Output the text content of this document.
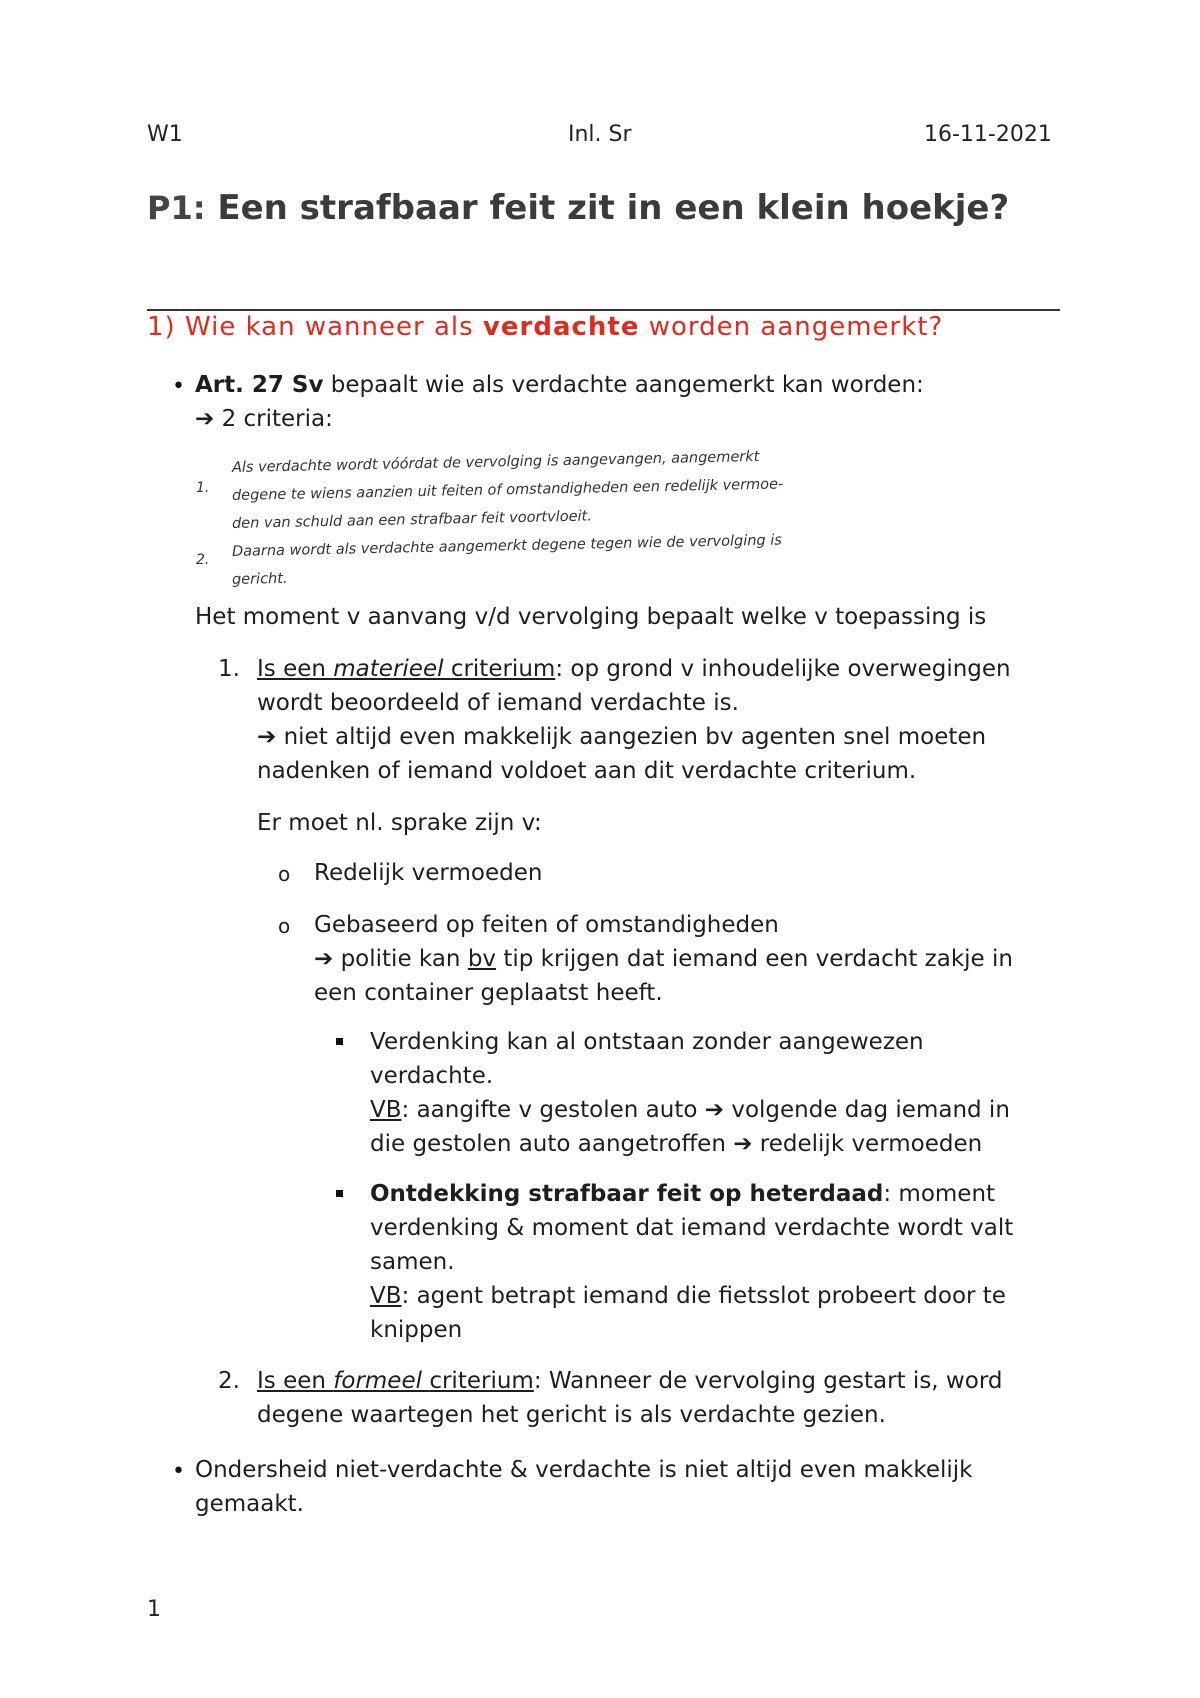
W1	Inl. Sr	16-11-2021
P1: Een strafbaar feit zit in een klein hoekje?
1) Wie kan wanneer als verdachte worden aangemerkt?
• Art. 27 Sv bepaalt wie als verdachte aangemerkt kan worden:
➔ 2 criteria:
1.
Als verdachte wordt vóórdat de vervolging is aangevangen, aangemerkt
degene te wiens aanzien uit feiten of omstandigheden een redelijk vermoe-
den van schuld aan een strafbaar feit voortvloeit.
2.
Daarna wordt als verdachte aangemerkt degene tegen wie de vervolging is
gericht.
Het moment v aanvang v/d vervolging bepaalt welke v toepassing is
1. Is een materieel criterium: op grond v inhoudelijke overwegingen
wordt beoordeeld of iemand verdachte is.
➔ niet altijd even makkelijk aangezien bv agenten snel moeten
nadenken of iemand voldoet aan dit verdachte criterium.
Er moet nl. sprake zijn v:
o Redelijk vermoeden
o Gebaseerd op feiten of omstandigheden
➔ politie kan bv tip krijgen dat iemand een verdacht zakje in
een container geplaatst heeft.
Verdenking kan al ontstaan zonder aangewezen
verdachte.
VB: aangifte v gestolen auto ➔ volgende dag iemand in
die gestolen auto aangetroffen ➔ redelijk vermoeden
Ontdekking strafbaar feit op heterdaad: moment
verdenking & moment dat iemand verdachte wordt valt
samen.
VB: agent betrapt iemand die fietsslot probeert door te
knippen
2. Is een formeel criterium: Wanneer de vervolging gestart is, word
degene waartegen het gericht is als verdachte gezien.
• Ondersheid niet-verdachte & verdachte is niet altijd even makkelijk
gemaakt.
1
